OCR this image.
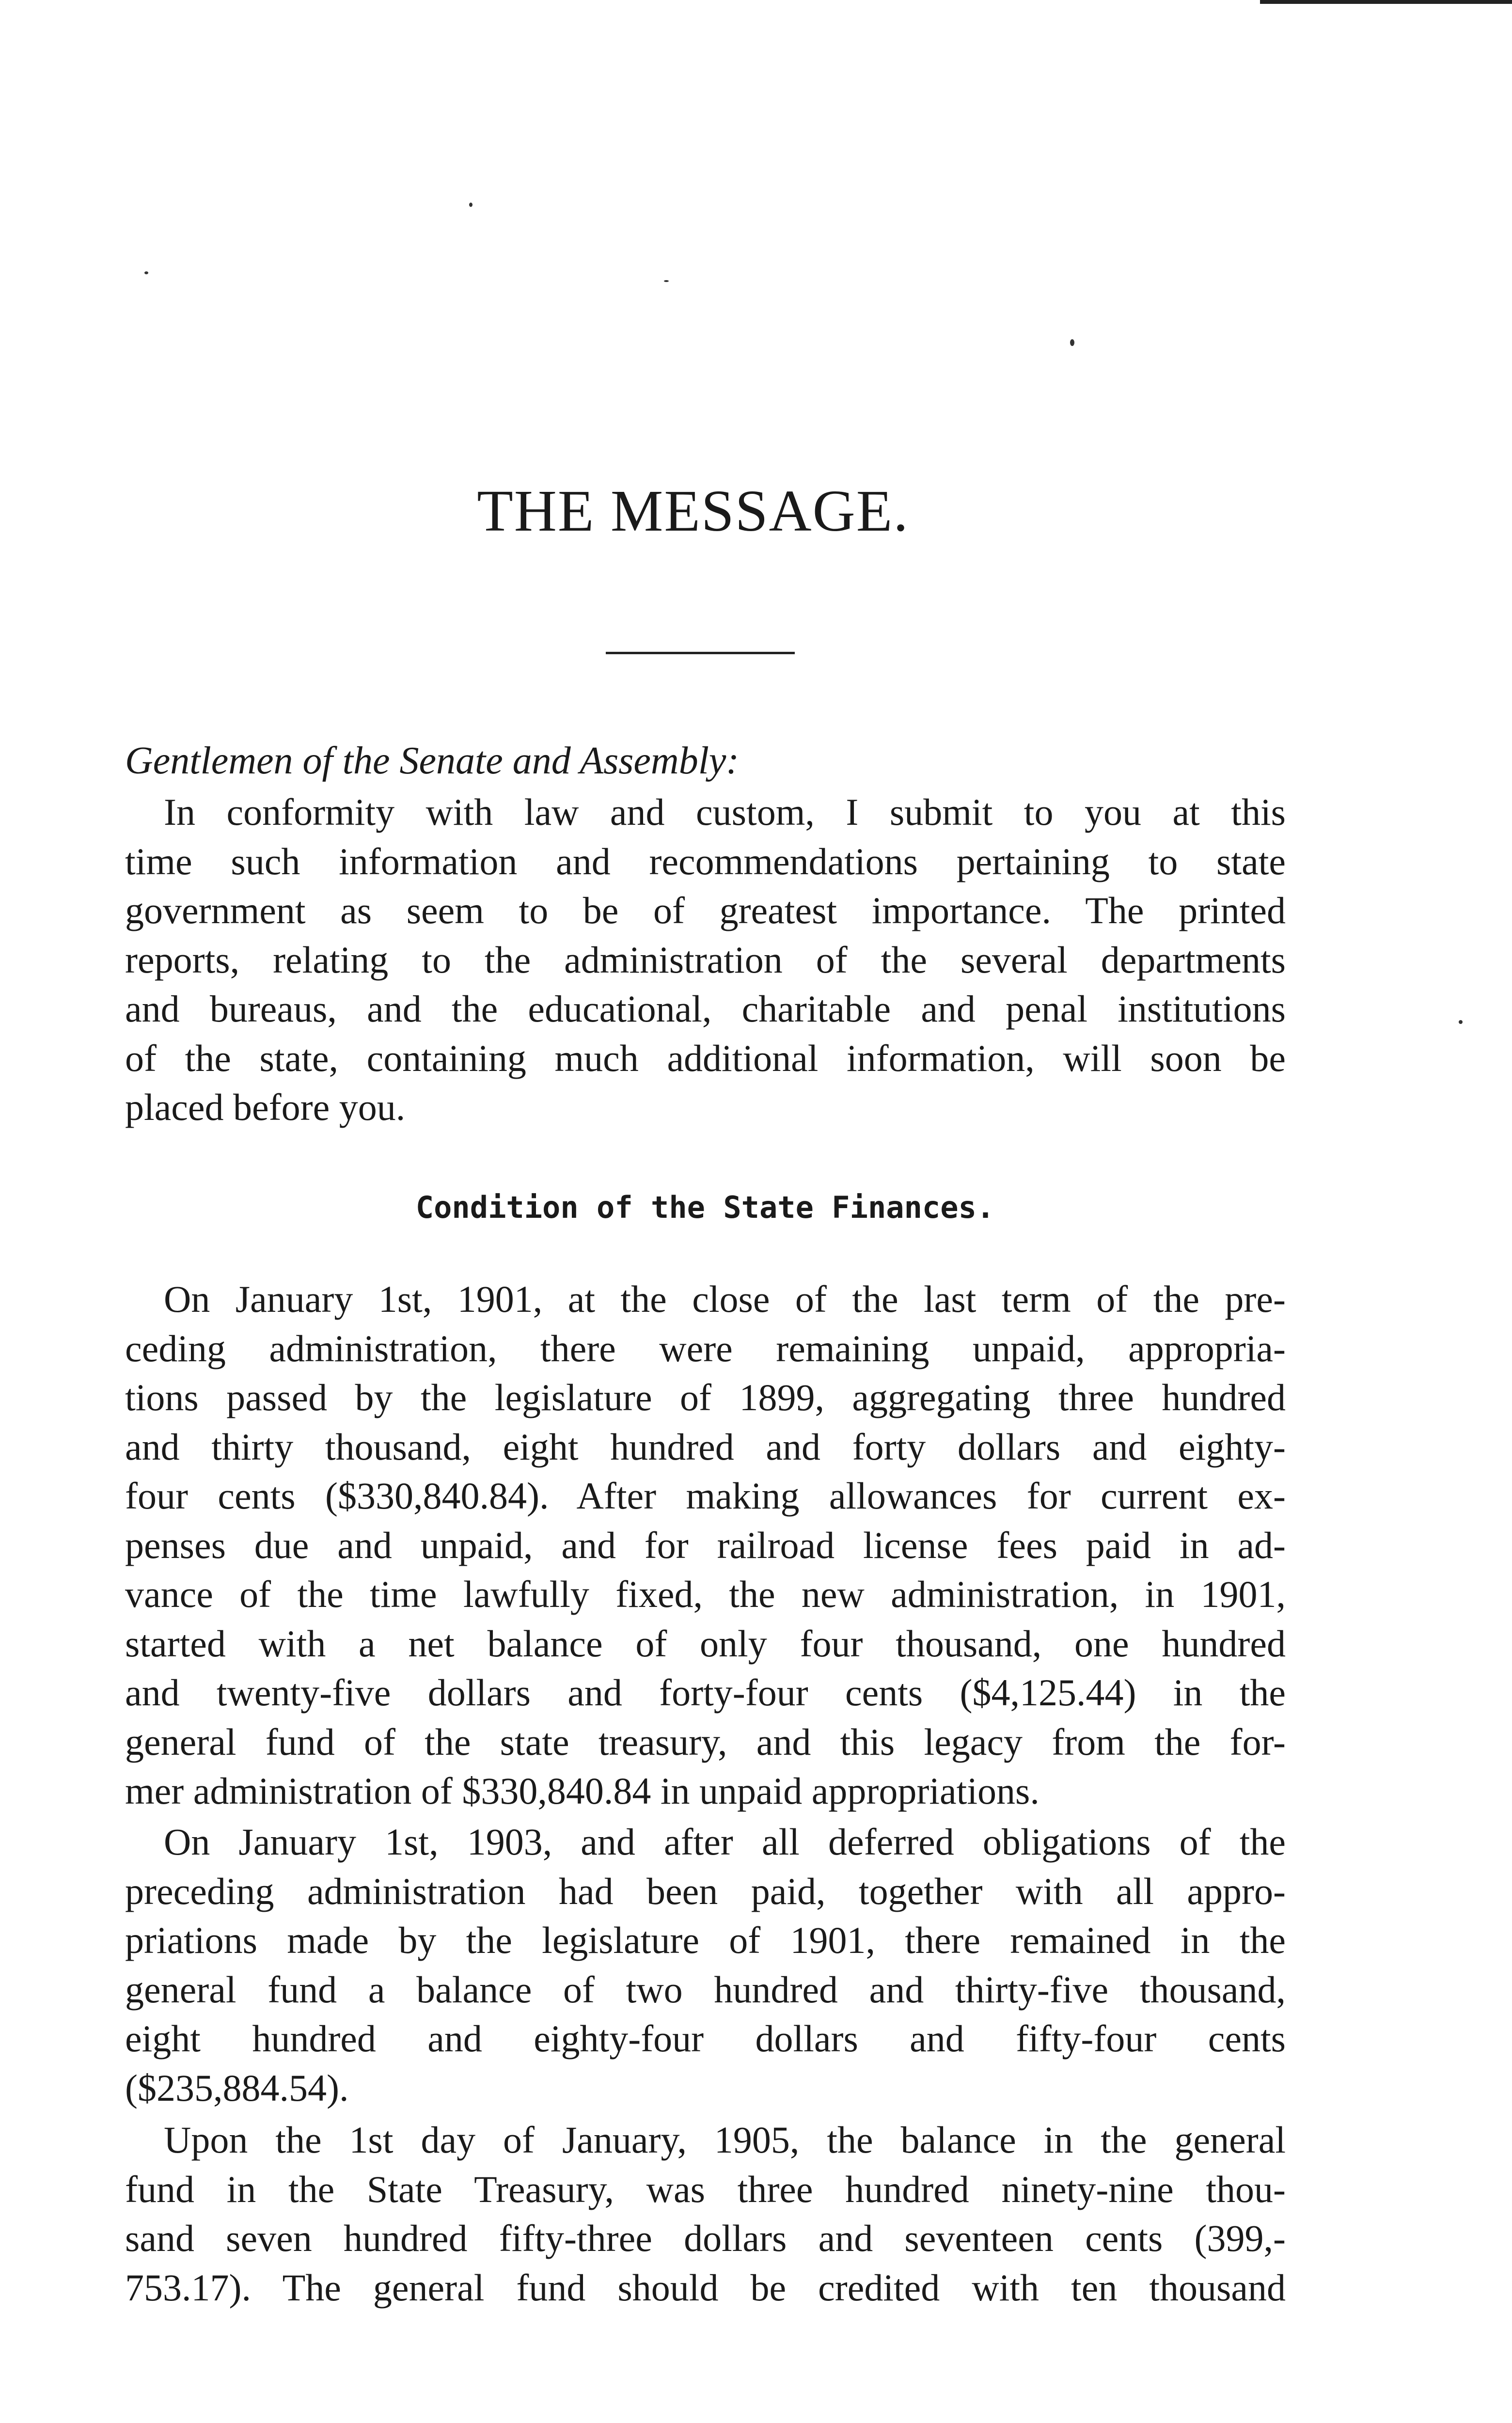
THE MESSAGE.
Gentlemen of the Senate and Assembly:
In conformity with law and custom, I submit to you at this
time such information and recommendations pertaining to state
government as seem to be of greatest importance. The printed
reports, relating to the administration of the several departments
and bureaus, and the educational, charitable and penal institutions
of the state, containing much additional information, will soon be
placed before you.
Condition of the State Finances.
On January 1st, 1901, at the close of the last term of the pre-
ceding administration, there were remaining unpaid, appropria-
tions passed by the legislature of 1899, aggregating three hundred
and thirty thousand, eight hundred and forty dollars and eighty-
four cents ($330,840.84). After making allowances for current ex-
penses due and unpaid, and for railroad license fees paid in ad-
vance of the time lawfully fixed, the new administration, in 1901,
started with a net balance of only four thousand, one hundred
and twenty-five dollars and forty-four cents ($4,125.44) in the
general fund of the state treasury, and this legacy from the for-
mer administration of $330,840.84 in unpaid appropriations.
On January 1st, 1903, and after all deferred obligations of the
preceding administration had been paid, together with all appro-
priations made by the legislature of 1901, there remained in the
general fund a balance of two hundred and thirty-five thousand,
eight hundred and eighty-four dollars and fifty-four cents
($235,884.54).
Upon the 1st day of January, 1905, the balance in the general
fund in the State Treasury, was three hundred ninety-nine thou-
sand seven hundred fifty-three dollars and seventeen cents (399,-
753.17). The general fund should be credited with ten thousand
